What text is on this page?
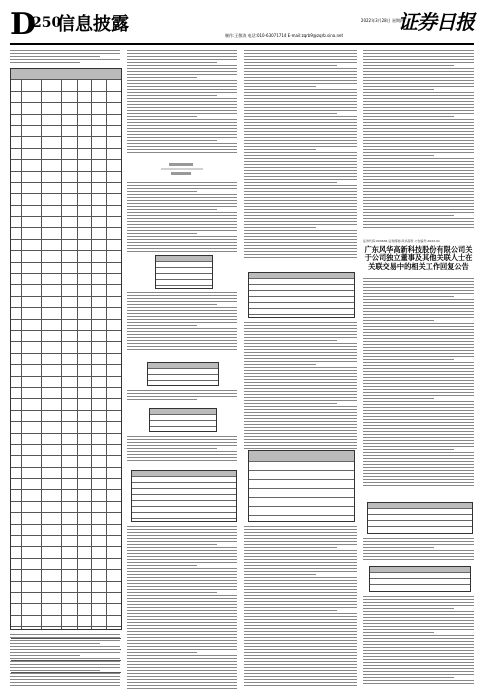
D
250
信息披露	2022年3月28日 星期四
制作:王敬涛 电话:010-63071714 E-mail:zqrb9@zqrb.sina.net
证券日报
证券代码:000636 证券简称:风华高科 公告编号:2022-01
广东风华高新科技股份有限公司关于公司独立董事及其他关联人士在关联交易中的相关工作回复公告
